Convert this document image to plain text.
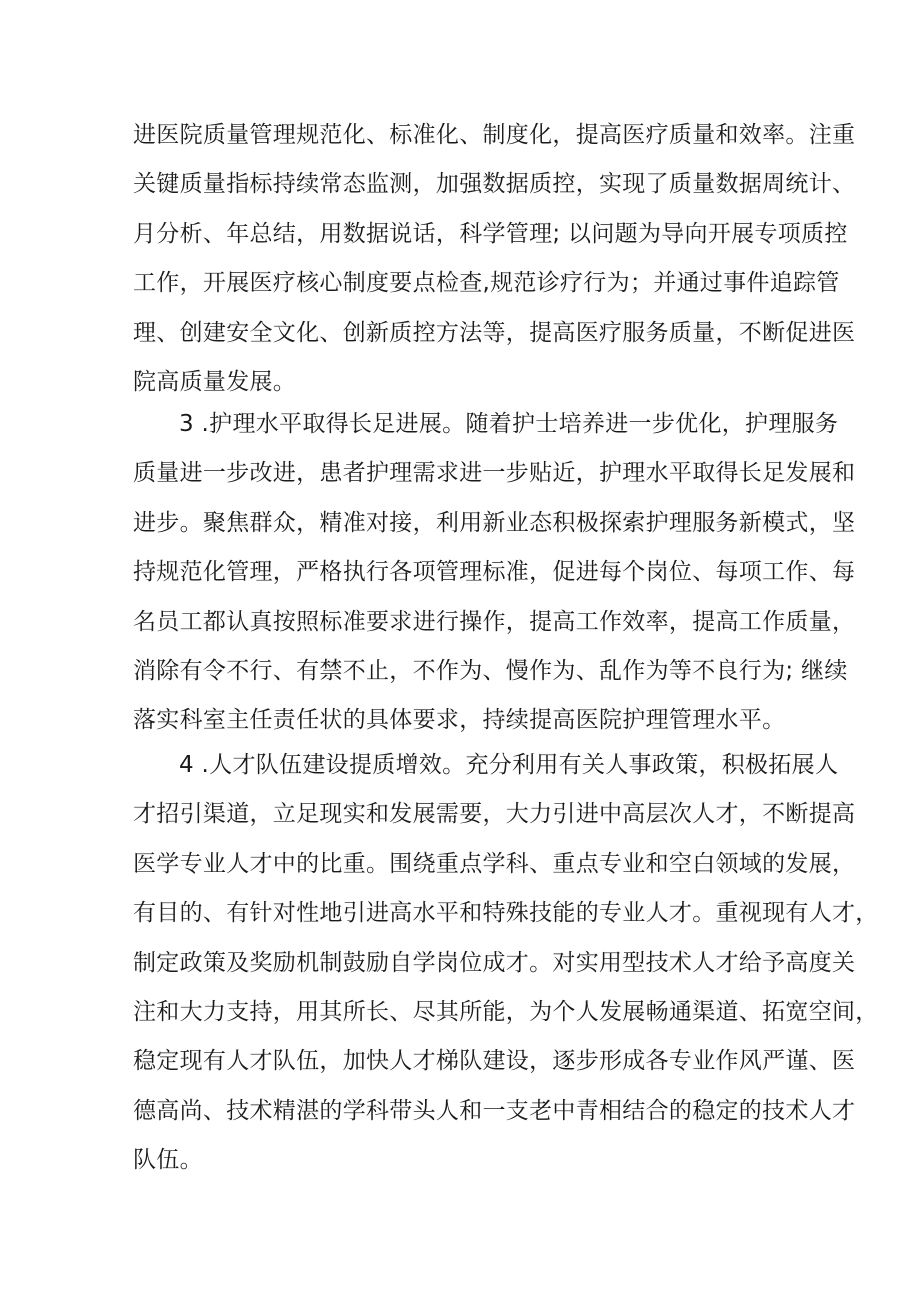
进医院质量管理规范化、标准化、制度化，提高医疗质量和效率。注重
关键质量指标持续常态监测，加强数据质控，实现了质量数据周统计、
月分析、年总结，用数据说话，科学管理; 以问题为导向开展专项质控
工作，开展医疗核心制度要点检查,规范诊疗行为；并通过事件追踪管
理、创建安全文化、创新质控方法等，提高医疗服务质量，不断促进医
院高质量发展。
3 .护理水平取得长足进展。随着护士培养进一步优化，护理服务
质量进一步改进，患者护理需求进一步贴近，护理水平取得长足发展和
进步。聚焦群众，精准对接，利用新业态积极探索护理服务新模式，坚
持规范化管理，严格执行各项管理标准，促进每个岗位、每项工作、每
名员工都认真按照标准要求进行操作，提高工作效率，提高工作质量，
消除有令不行、有禁不止，不作为、慢作为、乱作为等不良行为; 继续
落实科室主任责任状的具体要求，持续提高医院护理管理水平。
4 .人才队伍建设提质增效。充分利用有关人事政策，积极拓展人
才招引渠道，立足现实和发展需要，大力引进中高层次人才，不断提高
医学专业人才中的比重。围绕重点学科、重点专业和空白领域的发展，
有目的、有针对性地引进高水平和特殊技能的专业人才。重视现有人才，
制定政策及奖励机制鼓励自学岗位成才。对实用型技术人才给予高度关
注和大力支持，用其所长、尽其所能，为个人发展畅通渠道、拓宽空间，
稳定现有人才队伍，加快人才梯队建设，逐步形成各专业作风严谨、医
德高尚、技术精湛的学科带头人和一支老中青相结合的稳定的技术人才
队伍。
